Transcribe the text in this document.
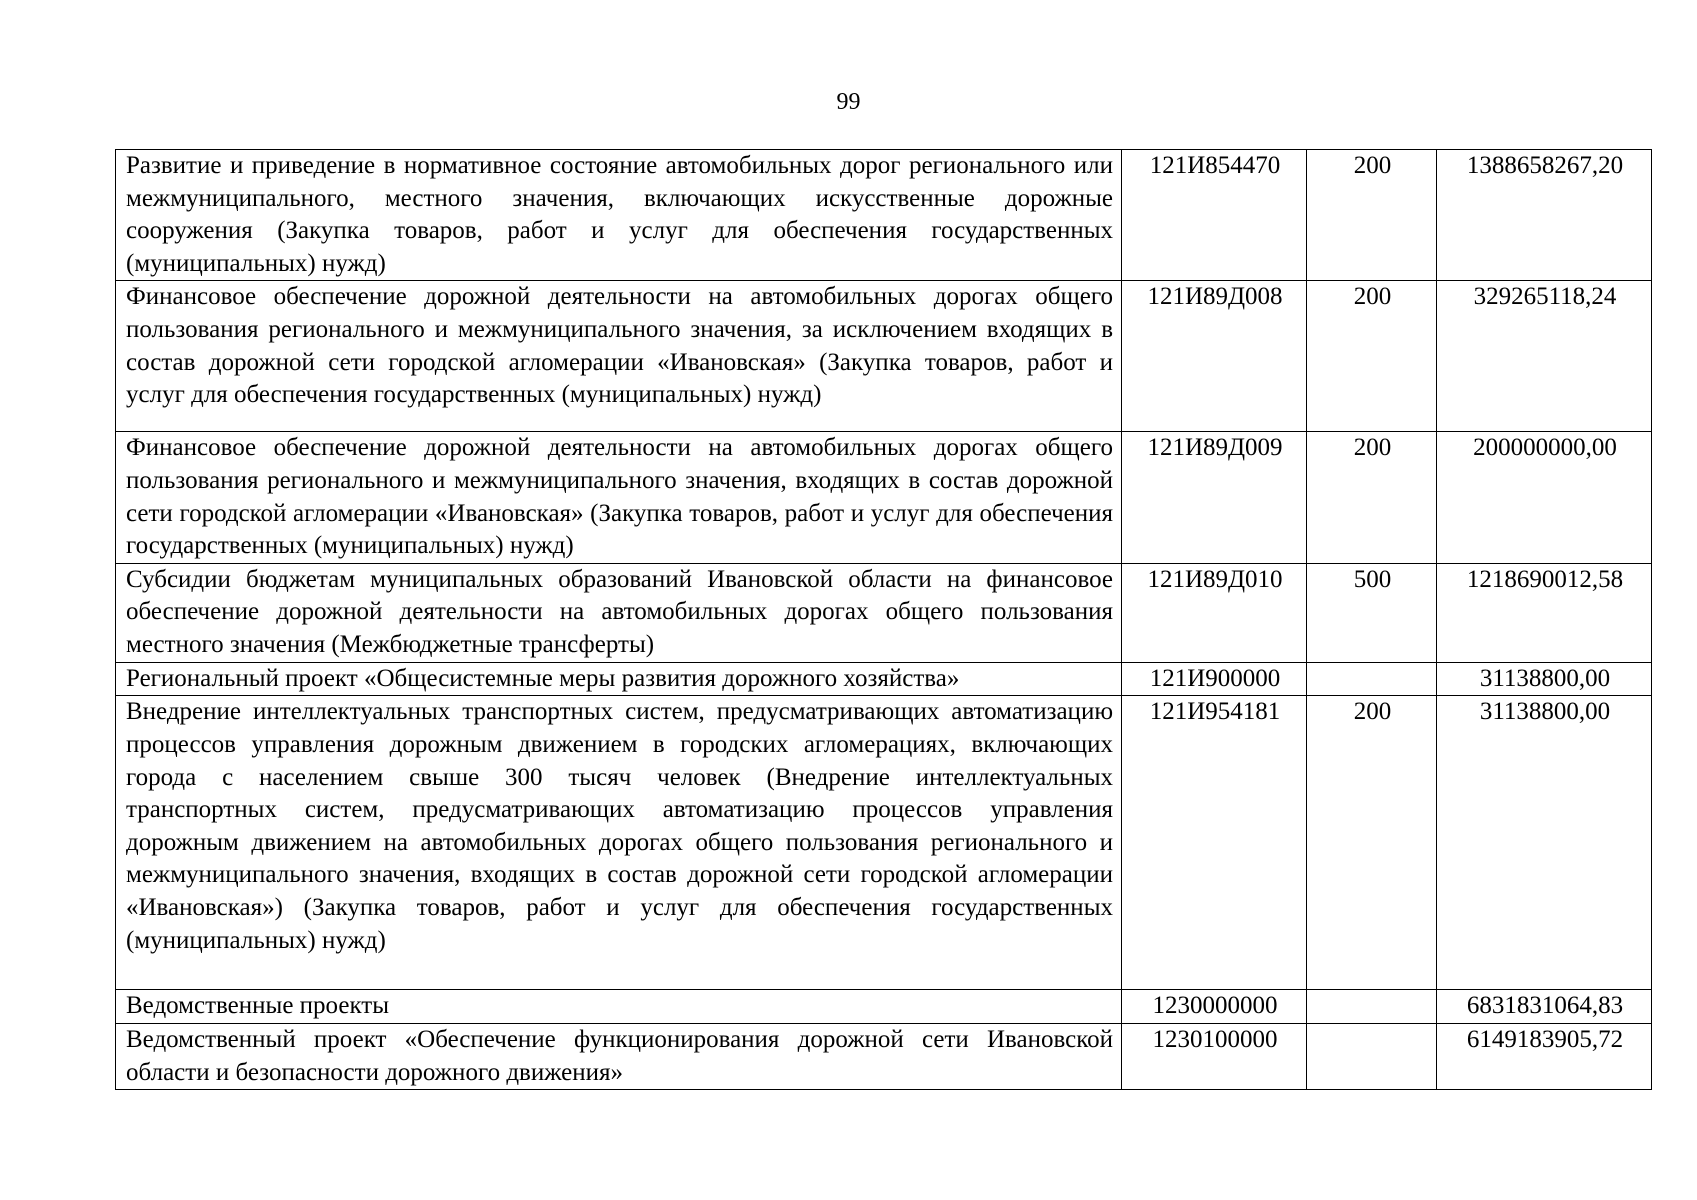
99
Развитие и приведение в нормативное состояние автомобильных дорог регионального или межмуниципального, местного значения, включающих искусственные дорожные сооружения (Закупка товаров, работ и услуг для обеспечения государственных (муниципальных) нужд)	121И854470	200	1388658267,20
Финансовое обеспечение дорожной деятельности на автомобильных дорогах общего пользования регионального и межмуниципального значения, за исключением входящих в состав дорожной сети городской агломерации «Ивановская» (Закупка товаров, работ и услуг для обеспечения государственных (муниципальных) нужд)	121И89Д008	200	329265118,24
Финансовое обеспечение дорожной деятельности на автомобильных дорогах общего пользования регионального и межмуниципального значения, входящих в состав дорожной сети городской агломерации «Ивановская» (Закупка товаров, работ и услуг для обеспечения государственных (муниципальных) нужд)	121И89Д009	200	200000000,00
Субсидии бюджетам муниципальных образований Ивановской области на финансовое обеспечение дорожной деятельности на автомобильных дорогах общего пользования местного значения (Межбюджетные трансферты)	121И89Д010	500	1218690012,58
Региональный проект «Общесистемные меры развития дорожного хозяйства»	121И900000		31138800,00
Внедрение интеллектуальных транспортных систем, предусматривающих автоматизацию процессов управления дорожным движением в городских агломерациях, включающих города с населением свыше 300 тысяч человек (Внедрение интеллектуальных транспортных систем, предусматривающих автоматизацию процессов управления дорожным движением на автомобильных дорогах общего пользования регионального и межмуниципального значения, входящих в состав дорожной сети городской агломерации «Ивановская») (Закупка товаров, работ и услуг для обеспечения государственных (муниципальных) нужд)	121И954181	200	31138800,00
Ведомственные проекты	1230000000		6831831064,83
Ведомственный проект «Обеспечение функционирования дорожной сети Ивановской области и безопасности дорожного движения»	1230100000		6149183905,72
